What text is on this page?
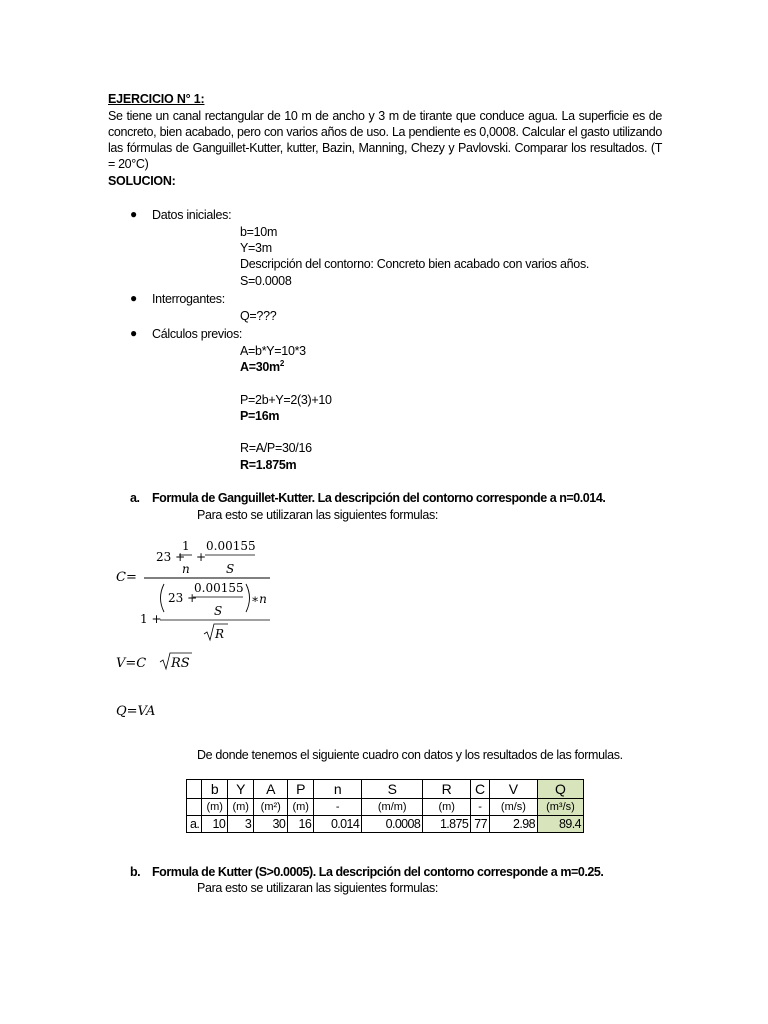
EJERCICIO N° 1:
Se tiene un canal rectangular de 10 m de ancho y 3 m de tirante que conduce agua. La superficie es de concreto, bien acabado, pero con varios años de uso. La pendiente es 0,0008. Calcular el gasto utilizando las fórmulas de Ganguillet-Kutter, kutter, Bazin, Manning, Chezy y Pavlovski. Comparar los resultados. (T = 20°C)
SOLUCION:
● Datos iniciales:
b=10m
Y=3m
Descripción del contorno: Concreto bien acabado con varios años.
S=0.0008
● Interrogantes:
Q=???
● Cálculos previos:
A=b*Y=10*3
$A=30m^2$
P=2b+Y=2(3)+10
P=16m
R=A/P=30/16
R=1.875m
a. Formula de Ganguillet-Kutter. La descripción del contorno corresponde a n=0.014.
Para esto se utilizaran las siguientes formulas:
C=
23 +
1
n
+
0.00155
S
1 +
23 +
0.00155
S
∗n
R
V=C RS
Q=VA
De donde tenemos el siguiente cuadro con datos y los resultados de las formulas.
	b	Y	A	P	n	S	R	C	V	Q
	(m)	(m)	(m²)	(m)	-	(m/m)	(m)	-	(m/s)	(m³/s)
a.	10	3	30	16	0.014	0.0008	1.875	77	2.98	89.4
b. Formula de Kutter (S>0.0005). La descripción del contorno corresponde a m=0.25.
Para esto se utilizaran las siguientes formulas:
